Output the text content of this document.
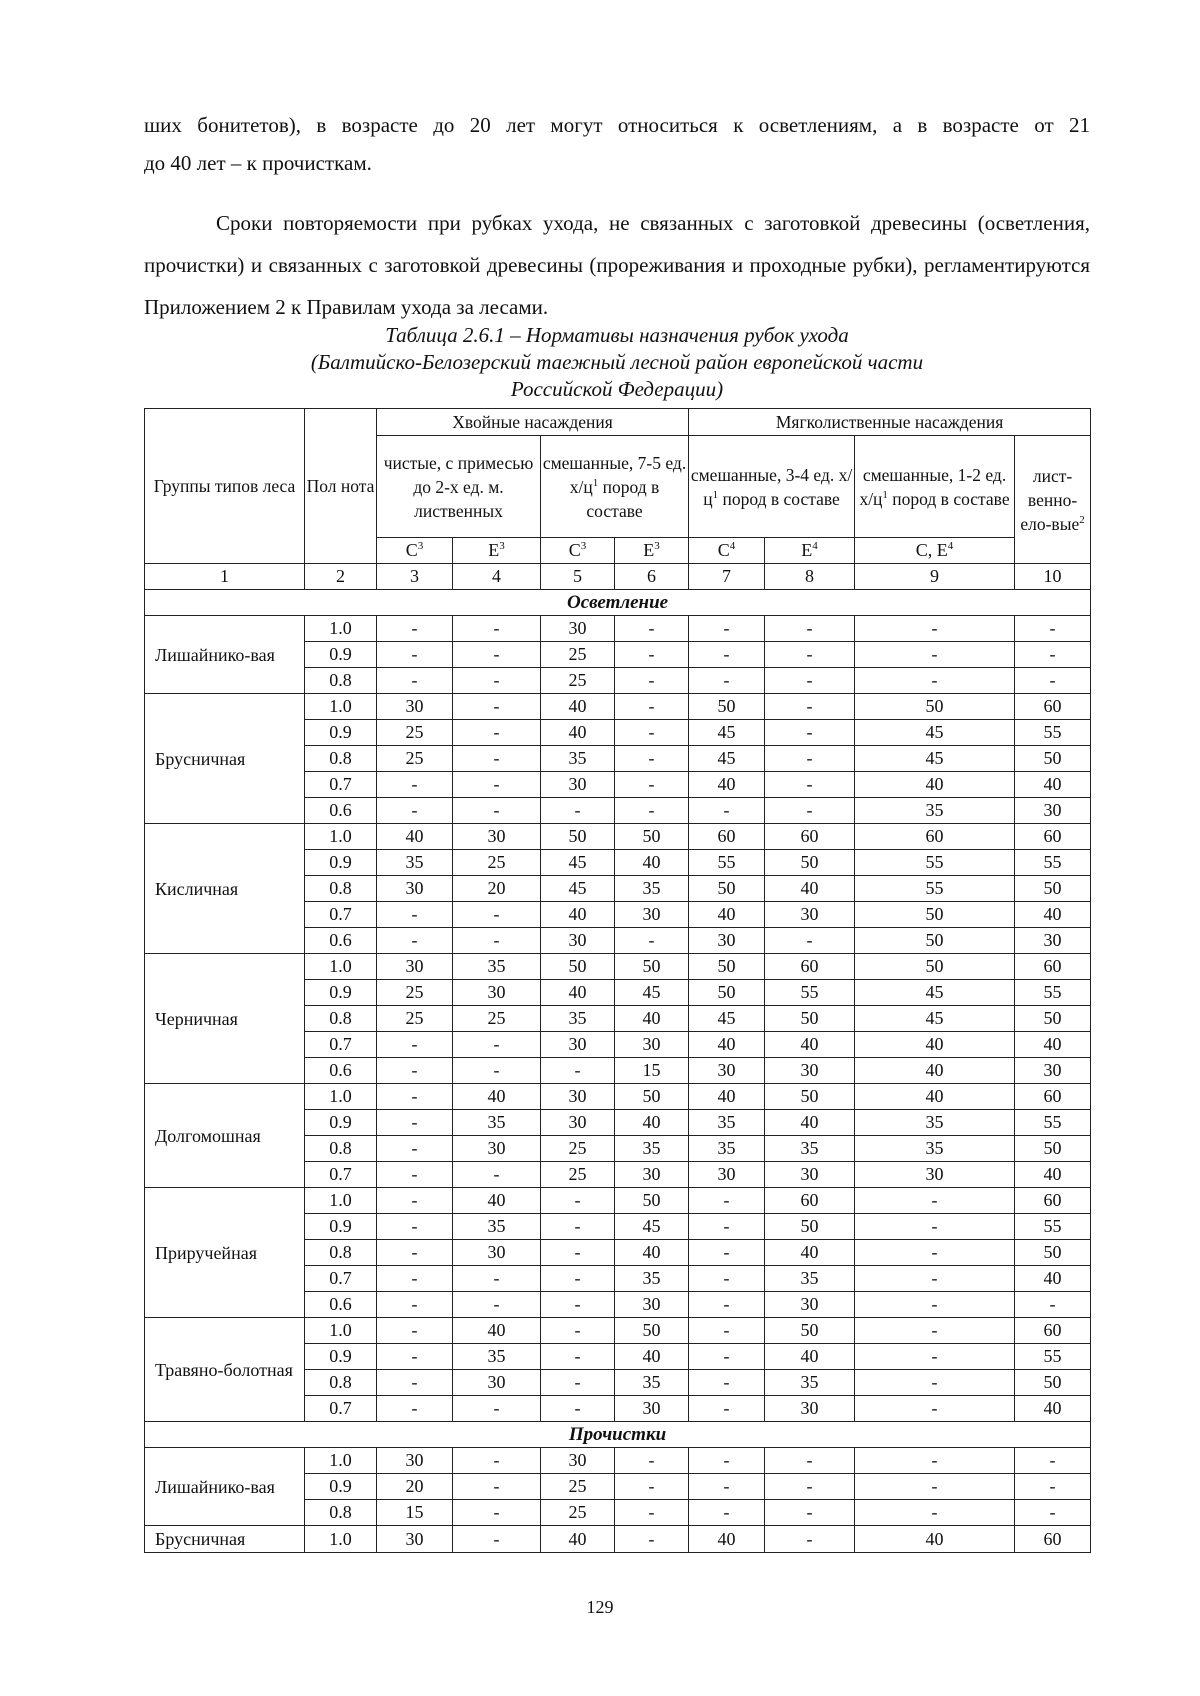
ших бонитетов), в возрасте до 20 лет могут относиться к осветлениям, а в возрасте от 21
до 40 лет – к прочисткам.

Сроки повторяемости при рубках ухода, не связанных с заготовкой древесины (осветления, прочистки) и связанных с заготовкой древесины (прореживания и проходные рубки), регламентируются Приложением 2 к Правилам ухода за лесами.

Таблица 2.6.1 – Нормативы назначения рубок ухода
(Балтийско-Белозерский таежный лесной район европейской части
Российской Федерации)
Группы типов леса	Пол нота	Хвойные насаждения				Мягколиственные насаждения			
		чистые, с примесью до 2-х ед. м. лиственных		смешанные, 7-5 ед. $х/ц^1$ пород в составе		смешанные, 3-4 ед. $х/ц^1$ пород в составе		смешанные, 1-2 ед. $х/ц^1$ пород в составе	лист-венно-ело-вые$^2$
		$С^3$	$Е^3$	$С^3$	$Е^3$	$С^4$	$Е^4$	С, $Е^4$
1	2	3	4	5	6	7	8	9	10
Осветление									
Лишайнико-вая	1.0	-	-	30	-	-	-	-	-
	0.9	-	-	25	-	-	-	-	-
	0.8	-	-	25	-	-	-	-	-
Брусничная	1.0	30	-	40	-	50	-	50	60
	0.9	25	-	40	-	45	-	45	55
	0.8	25	-	35	-	45	-	45	50
	0.7	-	-	30	-	40	-	40	40
	0.6	-	-	-	-	-	-	35	30
Кисличная	1.0	40	30	50	50	60	60	60	60
	0.9	35	25	45	40	55	50	55	55
	0.8	30	20	45	35	50	40	55	50
	0.7	-	-	40	30	40	30	50	40
	0.6	-	-	30	-	30	-	50	30
Черничная	1.0	30	35	50	50	50	60	50	60
	0.9	25	30	40	45	50	55	45	55
	0.8	25	25	35	40	45	50	45	50
	0.7	-	-	30	30	40	40	40	40
	0.6	-	-	-	15	30	30	40	30
Долгомошная	1.0	-	40	30	50	40	50	40	60
	0.9	-	35	30	40	35	40	35	55
	0.8	-	30	25	35	35	35	35	50
	0.7	-	-	25	30	30	30	30	40
Приручейная	1.0	-	40	-	50	-	60	-	60
	0.9	-	35	-	45	-	50	-	55
	0.8	-	30	-	40	-	40	-	50
	0.7	-	-	-	35	-	35	-	40
	0.6	-	-	-	30	-	30	-	-
Травяно-болотная	1.0	-	40	-	50	-	50	-	60
	0.9	-	35	-	40	-	40	-	55
	0.8	-	30	-	35	-	35	-	50
	0.7	-	-	-	30	-	30	-	40
Прочистки									
Лишайнико-вая	1.0	30	-	30	-	-	-	-	-
	0.9	20	-	25	-	-	-	-	-
	0.8	15	-	25	-	-	-	-	-
Брусничная	1.0	30	-	40	-	40	-	40	60
129
